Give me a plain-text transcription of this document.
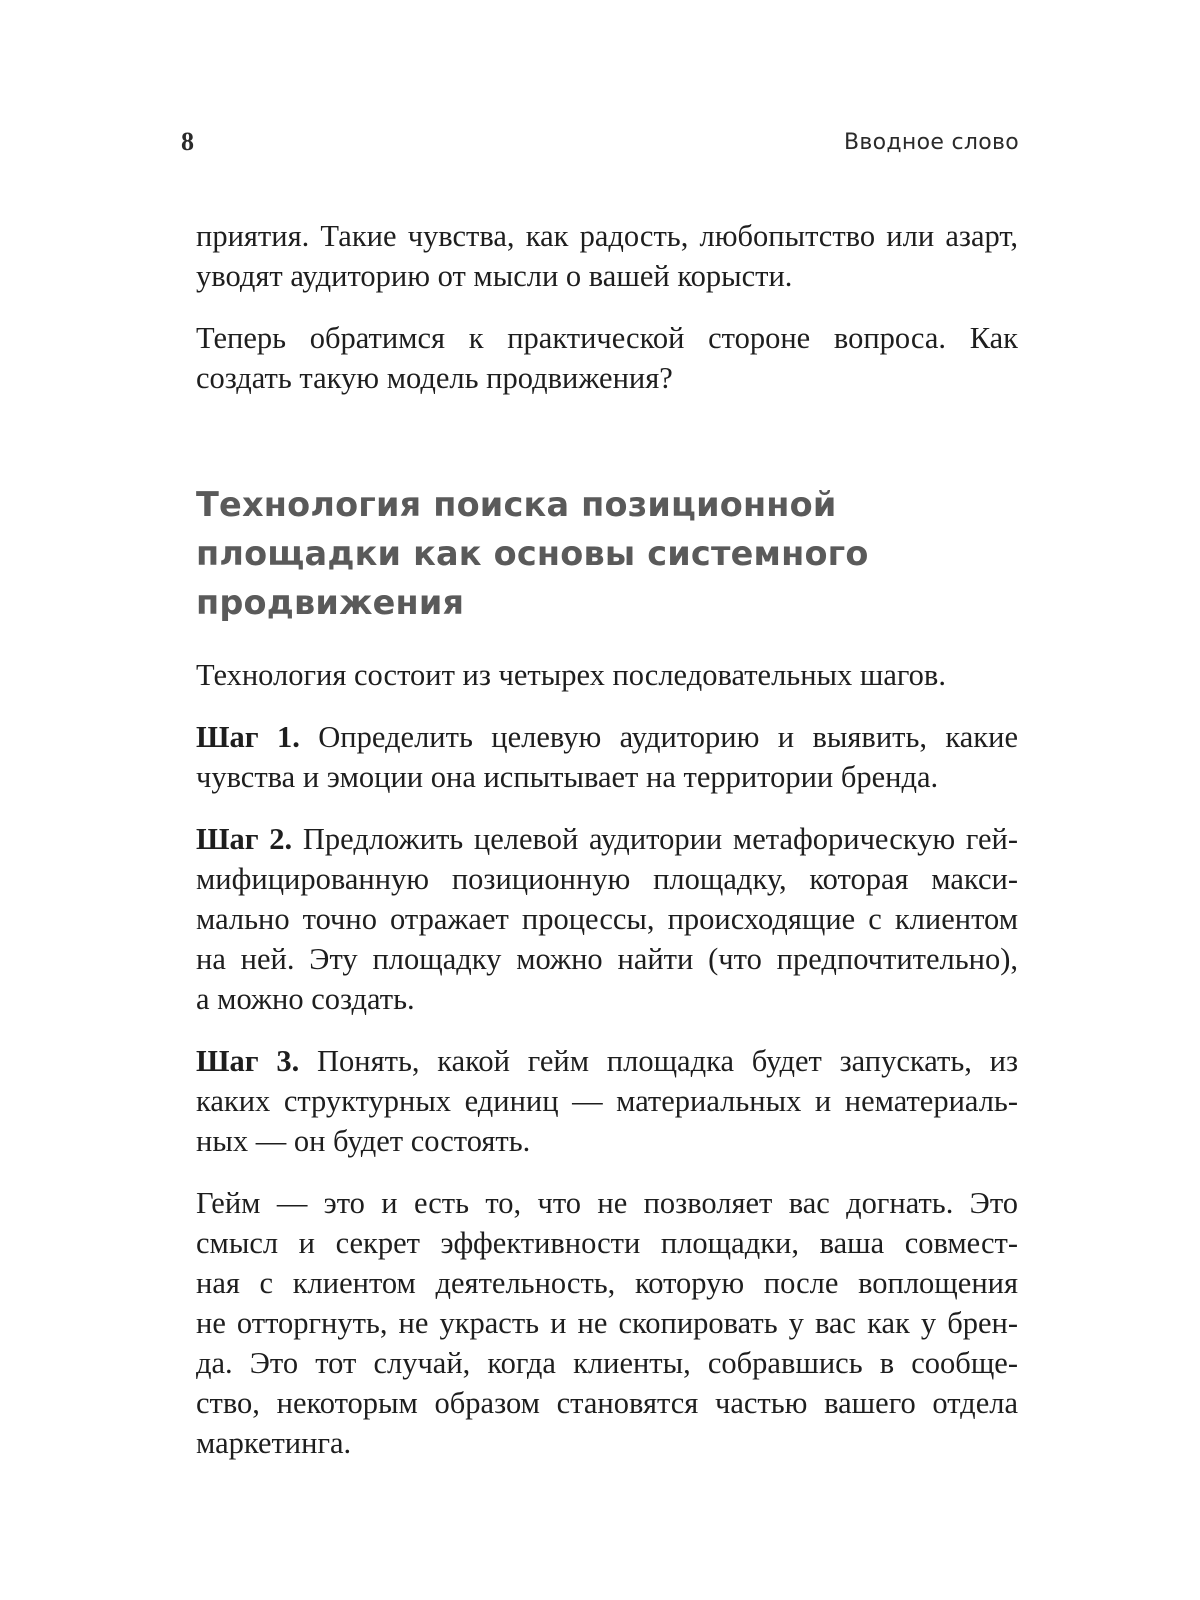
8	Вводное слово

приятия. Такие чувства, как радость, любопытство или азарт,
уводят аудиторию от мысли о вашей корысти.

Теперь обратимся к практической стороне вопроса. Как
создать такую модель продвижения?

Технология поиска позиционной
площадки как основы системного
продвижения

Технология состоит из четырех последовательных шагов.

Шаг 1. Определить целевую аудиторию и выявить, какие
чувства и эмоции она испытывает на территории бренда.

Шаг 2. Предложить целевой аудитории метафорическую гей-
мифицированную позиционную площадку, которая макси-
мально точно отражает процессы, происходящие с клиентом
на ней. Эту площадку можно найти (что предпочтительно),
а можно создать.

Шаг 3. Понять, какой гейм площадка будет запускать, из
каких структурных единиц — материальных и нематериаль-
ных — он будет состоять.

Гейм — это и есть то, что не позволяет вас догнать. Это
смысл и секрет эффективности площадки, ваша совмест-
ная с клиентом деятельность, которую после воплощения
не отторгнуть, не украсть и не скопировать у вас как у брен-
да. Это тот случай, когда клиенты, собравшись в сообще-
ство, некоторым образом становятся частью вашего отдела
маркетинга.
